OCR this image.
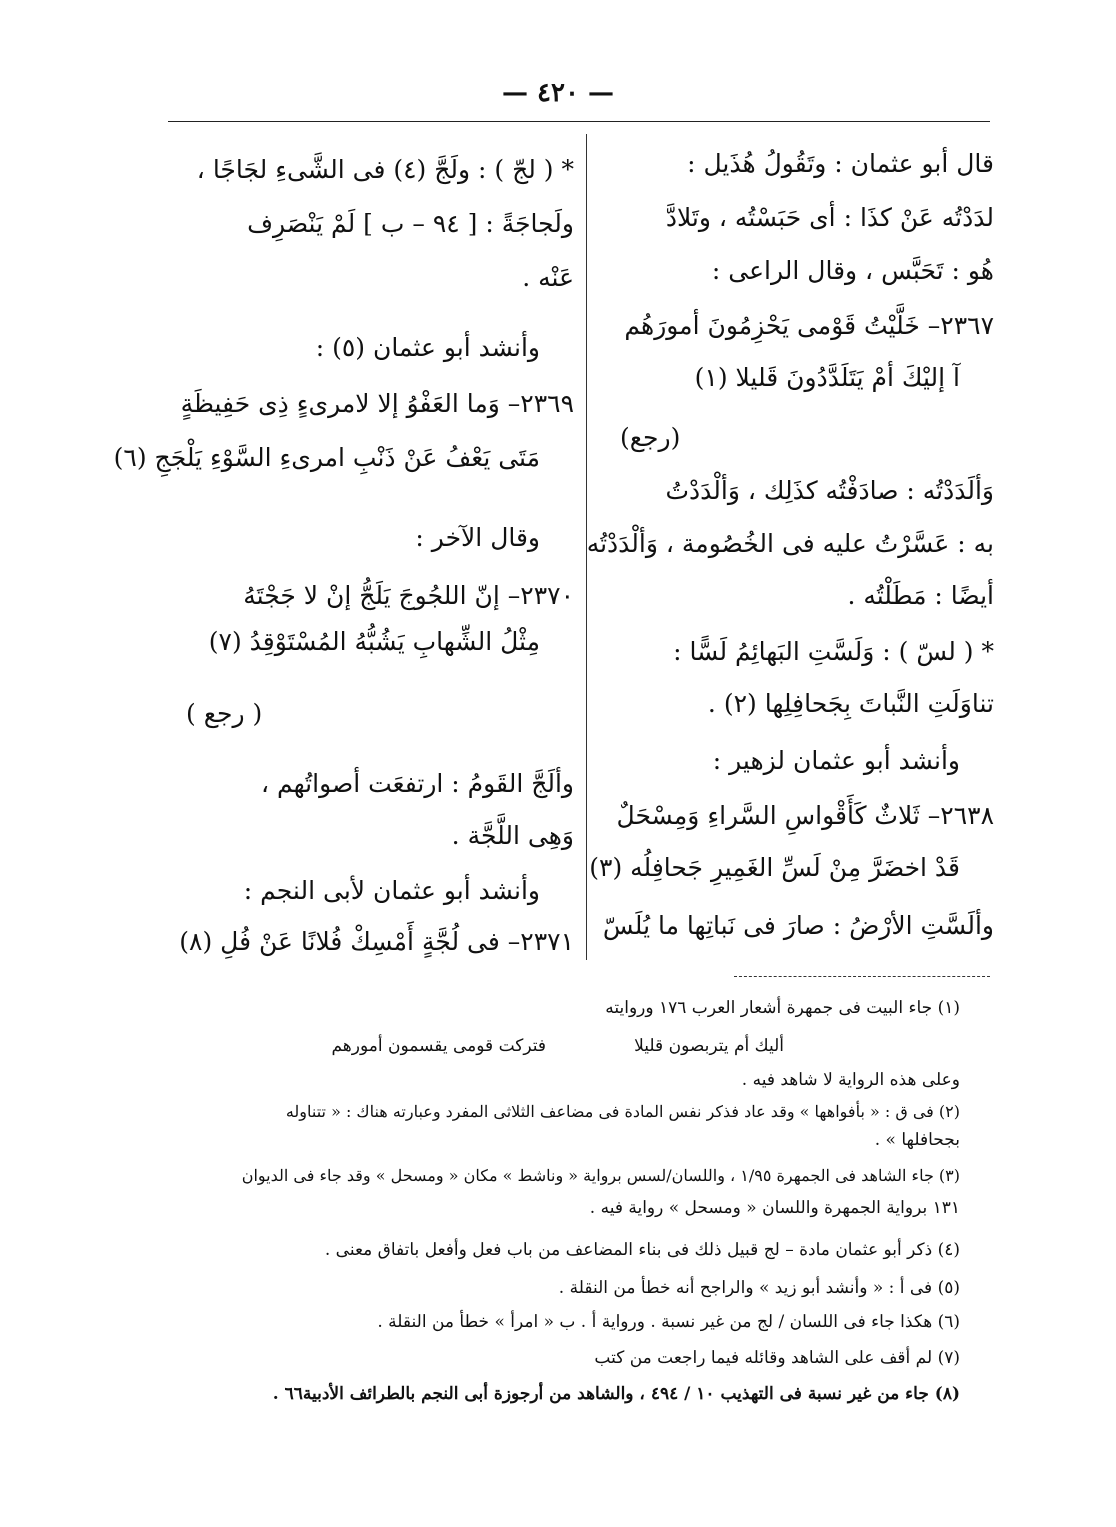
— ٤٢٠ —
قال أبو عثمان : وتَقُولُ هُذَيل :
لدَدْتُه عَنْ كذَا : أى حَبَسْتُه ، وتَلادَّ
هُو : تَحَبَّس ، وقال الراعى :
٢٣٦٧– خَلَّيْتُ قَوْمى يَحْزِمُونَ أمورَهُم
آ إليْكَ أمْ يَتَلَدَّدُونَ قَليلا (١)
(رجع)
وَألَدَدْتُه : صادَفْتُه كذَلِك ، وَألْدَدْتُ
به : عَسَّرْتُ عليه فى الخُصُومة ، وَألْدَدْتُه
أيضًا : مَطَلْتُه .
* ( لسّ ) : وَلَسَّتِ البَهائِمُ لَسًّا :
تناوَلَتِ النَّباتَ بِجَحافِلِها (٢) .
وأنشد أبو عثمان لزهير :
٢٦٣٨– ثَلاثٌ كَأَقْواسِ السَّراءِ وَمِسْحَلٌ
قَدْ اخضَرَّ مِنْ لَسِّ الغَمِيرِ جَحافِلُه (٣)
وألَسَّتِ الأرْضُ : صارَ فى نَباتِها ما يُلَسّ
* ( لجّ ) : ولَجَّ (٤) فى الشَّىءِ لجَاجًا ،
ولَجاجَةً : [ ٩٤ – ب ] لَمْ يَنْصَرِف
عَنْه .
وأنشد أبو عثمان (٥) :
٢٣٦٩– وَما العَفْوُ إلا لامرىءٍ ذِى حَفِيظَةٍ
مَتَى يَعْفُ عَنْ ذَنْبِ امرىءِ السَّوْءِ يَلْجَجِ (٦)
وقال الآخر :
٢٣٧٠– إنّ اللجُوجَ يَلَجُّ إنْ لا جَجْتَهُ
مِثْلُ الشِّهابِ يَشُبُّهُ المُسْتَوْقِدُ (٧)
( رجع )
وألَجَّ القَومُ : ارتفعَت أصواتُهم ،
وَهِى اللَّجَّة .
وأنشد أبو عثمان لأبى النجم :
٢٣٧١– فى لُجَّةٍ أَمْسِكْ فُلانًا عَنْ فُلِ (٨)
(١) جاء البيت فى جمهرة أشعار العرب ١٧٦ وروايته
فتركت قومى يقسمون أمورهم	أليك أم يتربصون قليلا
وعلى هذه الرواية لا شاهد فيه .
(٢) فى ق : « بأفواهها » وقد عاد فذكر نفس المادة فى مضاعف الثلاثى المفرد وعبارته هناك : « تتناوله
بجحافلها » .
(٣) جاء الشاهد فى الجمهرة ١/٩٥ ، واللسان/لسس برواية « وناشط » مكان « ومسحل » وقد جاء فى الديوان
١٣١ برواية الجمهرة واللسان « ومسحل » رواية فيه .
(٤) ذكر أبو عثمان مادة – لج قبيل ذلك فى بناء المضاعف من باب فعل وأفعل باتفاق معنى .
(٥) فى أ : « وأنشد أبو زيد » والراجح أنه خطأ من النقلة .
(٦) هكذا جاء فى اللسان / لج من غير نسبة . ورواية أ . ب « امرأ » خطأ من النقلة .
(٧) لم أقف على الشاهد وقائله فيما راجعت من كتب
(٨) جاء من غير نسبة فى التهذيب ١٠ / ٤٩٤ ، والشاهد من أرجوزة أبى النجم بالطرائف الأدبية٦٦ .
